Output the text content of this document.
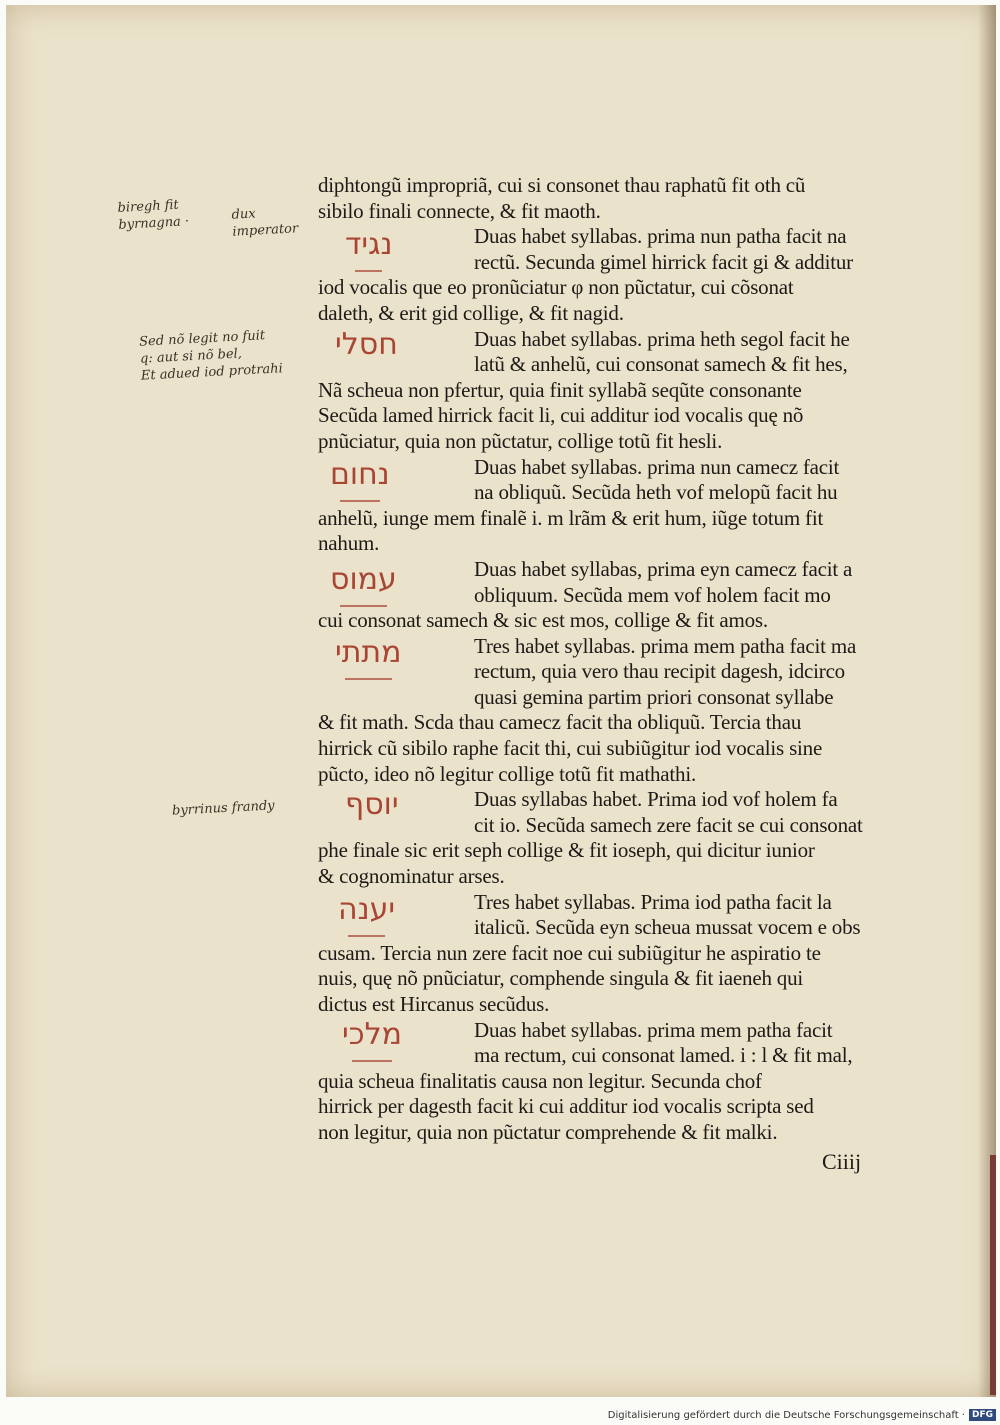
diphtongũ impropriã, cui si consonet thau raphatũ fit oth cũ
sibilo finali connecte, & fit maoth.
Duas habet syllabas. prima nun patha facit na
rectũ. Secunda gimel hirrick facit gi & additur
iod vocalis que eo pronũciatur φ non pũctatur, cui cõsonat
daleth, & erit gid collige, & fit nagid.
Duas habet syllabas. prima heth segol facit he
latũ & anhelũ, cui consonat samech & fit hes,
Nã scheua non pfertur, quia finit syllabã seqũte consonante
Secũda lamed hirrick facit li, cui additur iod vocalis quę nõ
pnũciatur, quia non pũctatur, collige totũ fit hesli.
Duas habet syllabas. prima nun camecz facit
na obliquũ. Secũda heth vof melopũ facit hu
anhelũ, iunge mem finalẽ i. m lrãm & erit hum, iũge totum fit
nahum.
Duas habet syllabas, prima eyn camecz facit a
obliquum. Secũda mem vof holem facit mo
cui consonat samech & sic est mos, collige & fit amos.
Tres habet syllabas. prima mem patha facit ma
rectum, quia vero thau recipit dagesh, idcirco
quasi gemina partim priori consonat syllabe
& fit math. Scda thau camecz facit tha obliquũ. Tercia thau
hirrick cũ sibilo raphe facit thi, cui subiũgitur iod vocalis sine
pũcto, ideo nõ legitur collige totũ fit mathathi.
Duas syllabas habet. Prima iod vof holem fa
cit io. Secũda samech zere facit se cui consonat
phe finale sic erit seph collige & fit ioseph, qui dicitur iunior
& cognominatur arses.
Tres habet syllabas. Prima iod patha facit la
italicũ. Secũda eyn scheua mussat vocem e obs
cusam. Tercia nun zere facit noe cui subiũgitur he aspiratio te
nuis, quę nõ pnũciatur, comphende singula & fit iaeneh qui
dictus est Hircanus secũdus.
Duas habet syllabas. prima mem patha facit
ma rectum, cui consonat lamed. i : l & fit mal,
quia scheua finalitatis causa non legitur. Secunda chof
hirrick per dagesth facit ki cui additur iod vocalis scripta sed
non legitur, quia non pũctatur comprehende & fit malki.
נגיד
חסלי
נחום
עמוס
מתתי
יוסף
יענה
מלכי
biregh fit
byrnagna ·	dux
imperator
Sed nõ legit no fuit
q: aut si nõ bel,
Et adued iod protrahi
byrrinus frandy
Ciiij
Digitalisierung gefördert durch die Deutsche Forschungsgemeinschaft · DFG
